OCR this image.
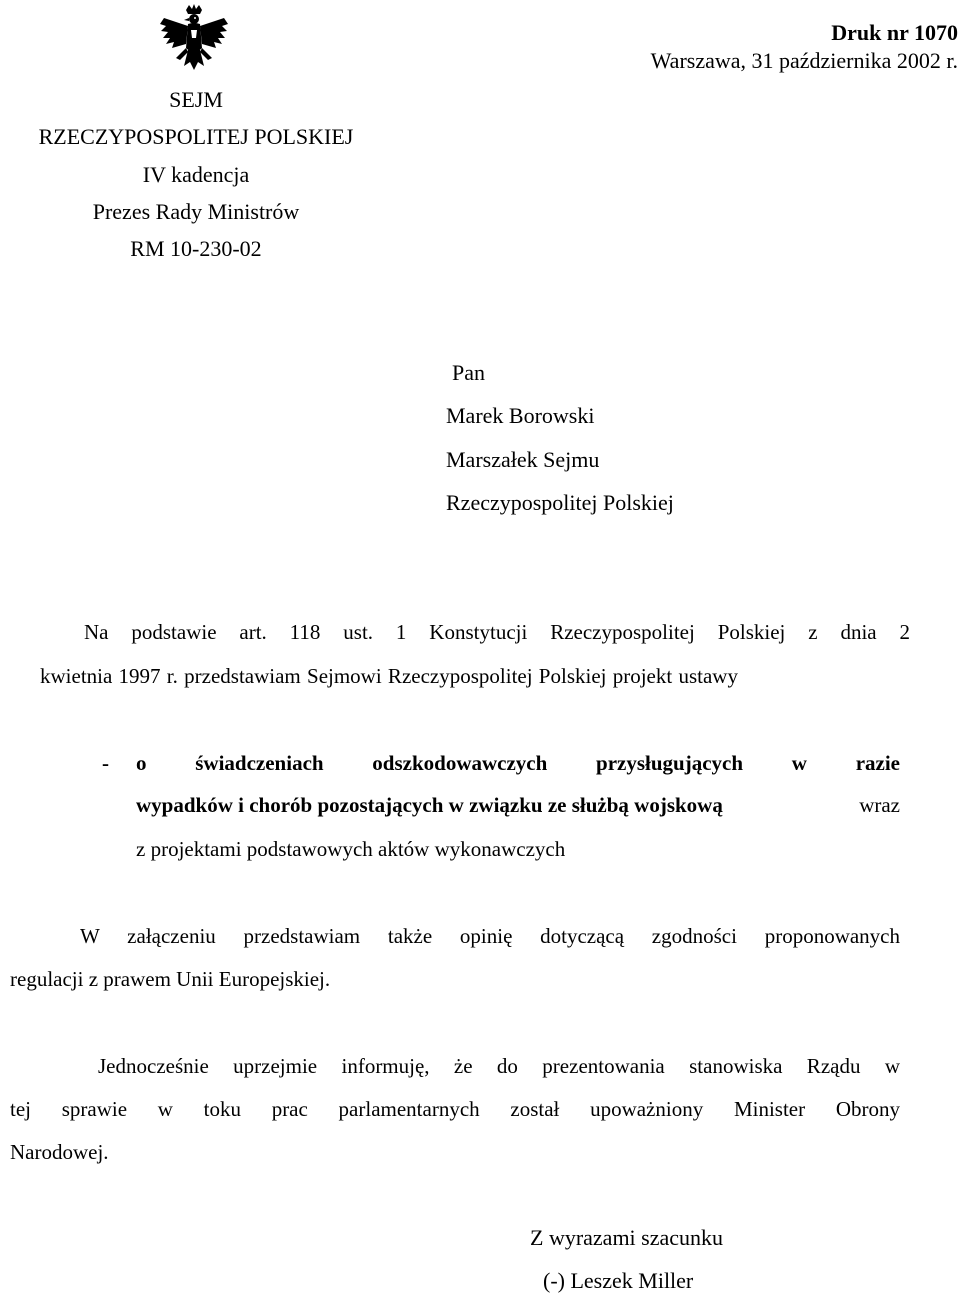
Druk nr 1070
Warszawa, 31 października 2002 r.
SEJM
RZECZYPOSPOLITEJ POLSKIEJ
IV kadencja
Prezes Rady Ministrów
RM 10-230-02
Pan
Marek Borowski
Marszałek Sejmu
Rzeczypospolitej Polskiej
Na podstawie art. 118 ust. 1 Konstytucji Rzeczypospolitej Polskiej z dnia 2
kwietnia 1997 r. przedstawiam Sejmowi Rzeczypospolitej Polskiej projekt ustawy
- o świadczeniach odszkodowawczych przysługujących w razie
wypadków i chorób pozostających w związku ze służbą wojskową	wraz
z projektami podstawowych aktów wykonawczych
W załączeniu przedstawiam także opinię dotyczącą zgodności proponowanych
regulacji z prawem Unii Europejskiej.
Jednocześnie uprzejmie informuję, że do prezentowania stanowiska Rządu w
tej sprawie w toku prac parlamentarnych został upoważniony Minister Obrony
Narodowej.
Z wyrazami szacunku
(-) Leszek Miller
